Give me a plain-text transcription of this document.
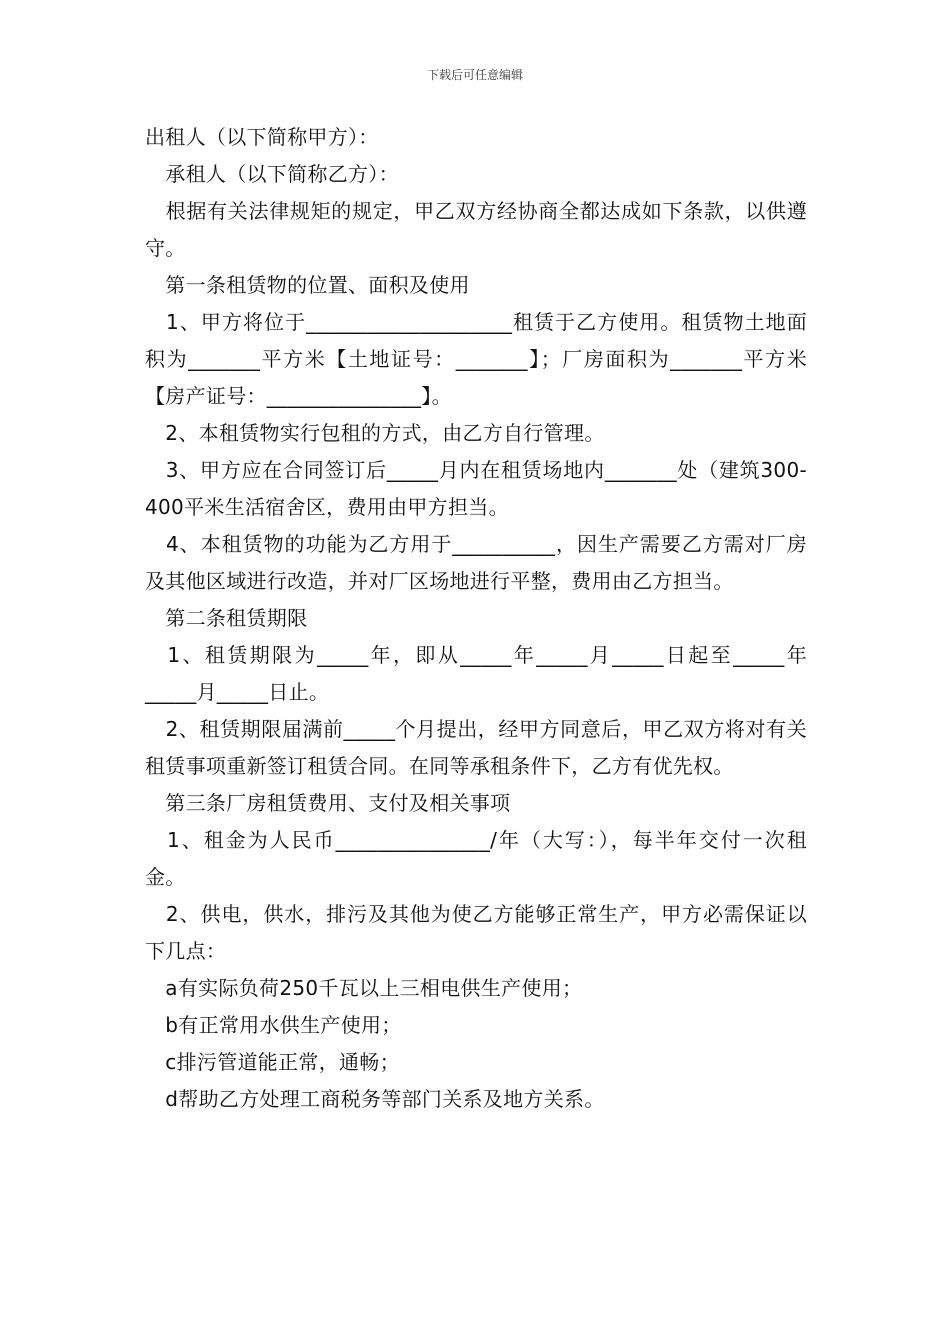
下载后可任意编辑

出租人（以下简称甲方）：

　承租人（以下简称乙方）：

　根据有关法律规矩的规定，甲乙双方经协商全都达成如下条款，以供遵守。

　第一条租赁物的位置、面积及使用

　1、甲方将位于____________________租赁于乙方使用。租赁物土地面积为_______平方米【土地证号：_______】；厂房面积为_______平方米【房产证号：_______________】。

　2、本租赁物实行包租的方式，由乙方自行管理。

　3、甲方应在合同签订后_____月内在租赁场地内_______处（建筑300-400平米生活宿舍区，费用由甲方担当。

　4、本租赁物的功能为乙方用于__________，因生产需要乙方需对厂房及其他区域进行改造，并对厂区场地进行平整，费用由乙方担当。

　第二条租赁期限

　1、租赁期限为_____年，即从_____年_____月_____日起至_____年_____月_____日止。

　2、租赁期限届满前_____个月提出，经甲方同意后，甲乙双方将对有关租赁事项重新签订租赁合同。在同等承租条件下，乙方有优先权。

　第三条厂房租赁费用、支付及相关事项

　1、租金为人民币_______________/年（大写：），每半年交付一次租金。

　2、供电，供水，排污及其他为使乙方能够正常生产，甲方必需保证以下几点：

　a有实际负荷250千瓦以上三相电供生产使用；

　b有正常用水供生产使用；

　c排污管道能正常，通畅；

　d帮助乙方处理工商税务等部门关系及地方关系。
